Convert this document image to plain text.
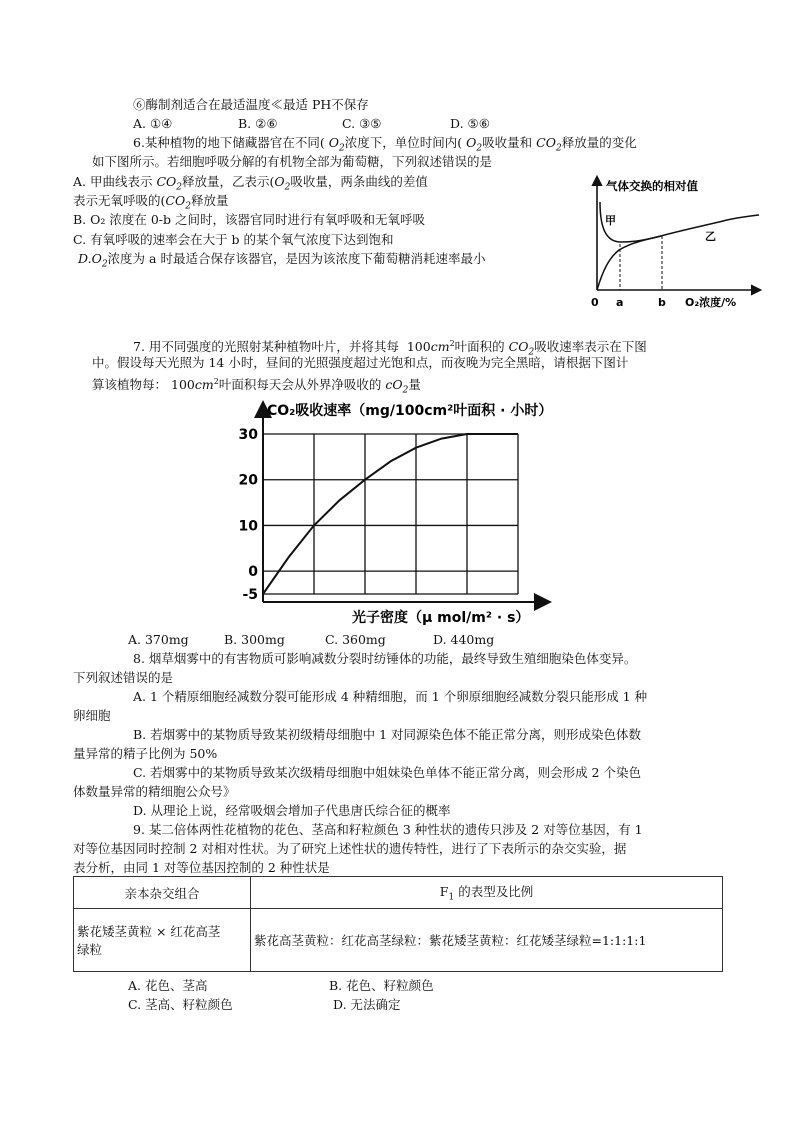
⑥酶制剂适合在最适温度≪最适 PH不保存
A. ①④	B. ②⑥	C. ③⑤	D. ⑤⑥
6.某种植物的地下储藏器官在不同( $O_2$浓度下，单位时间内( $O_2$吸收量和 $CO_2$释放量的变化
如下图所示。若细胞呼吸分解的有机物全部为葡萄糖，下列叙述错误的是
A. 甲曲线表示 $CO_2$释放量，乙表示($O_2$吸收量，两条曲线的差值
表示无氧呼吸的($CO_2$释放量
B. O₂ 浓度在 0-b 之间时，该器官同时进行有氧呼吸和无氧呼吸
C. 有氧呼吸的速率会在大于 b 的某个氧气浓度下达到饱和
$D.O_2$浓度为 a 时最适合保存该器官，是因为该浓度下葡萄糖消耗速率最小
气体交换的相对值
甲
乙
0 a	b O₂浓度/%
7. 用不同强度的光照射某种植物叶片，并将其每 $100cm^2$叶面积的 $CO_2$吸收速率表示在下图
中。假设每天光照为 14 小时，昼间的光照强度超过光饱和点，而夜晚为完全黑暗，请根据下图计
算该植物每： $100cm^2$叶面积每天会从外界净吸收的 $cO_2$量
CO₂吸收速率（mg/100cm²叶面积 · 小时）
30
20
10
0
-5
光子密度（μ mol/m² · s）
A. 370mg	B. 300mg	C. 360mg	D. 440mg
8. 烟草烟雾中的有害物质可影响减数分裂时纺锤体的功能，最终导致生殖细胞染色体变异。
下列叙述错误的是
A. 1 个精原细胞经减数分裂可能形成 4 种精细胞，而 1 个卵原细胞经减数分裂只能形成 1 种
卵细胞
B. 若烟雾中的某物质导致某初级精母细胞中 1 对同源染色体不能正常分离，则形成染色体数
量异常的精子比例为 50%
C. 若烟雾中的某物质导致某次级精母细胞中姐妹染色单体不能正常分离，则会形成 2 个染色
体数量异常的精细胞公众号》
D. 从理论上说，经常吸烟会增加子代患唐氏综合征的概率
9. 某二倍体两性花植物的花色、茎高和籽粒颜色 3 种性状的遗传只涉及 2 对等位基因，有 1
对等位基因同时控制 2 对相对性状。为了研究上述性状的遗传特性，进行了下表所示的杂交实验，据
表分析，由同 1 对等位基因控制的 2 种性状是
亲本杂交组合	$F_1$ 的表型及比例
紫花矮茎黄粒 × 红花高茎
绿粒	紫花高茎黄粒：红花高茎绿粒：紫花矮茎黄粒：红花矮茎绿粒=1:1:1:1
A. 花色、茎高	B. 花色、籽粒颜色
C. 茎高、籽粒颜色	D. 无法确定
